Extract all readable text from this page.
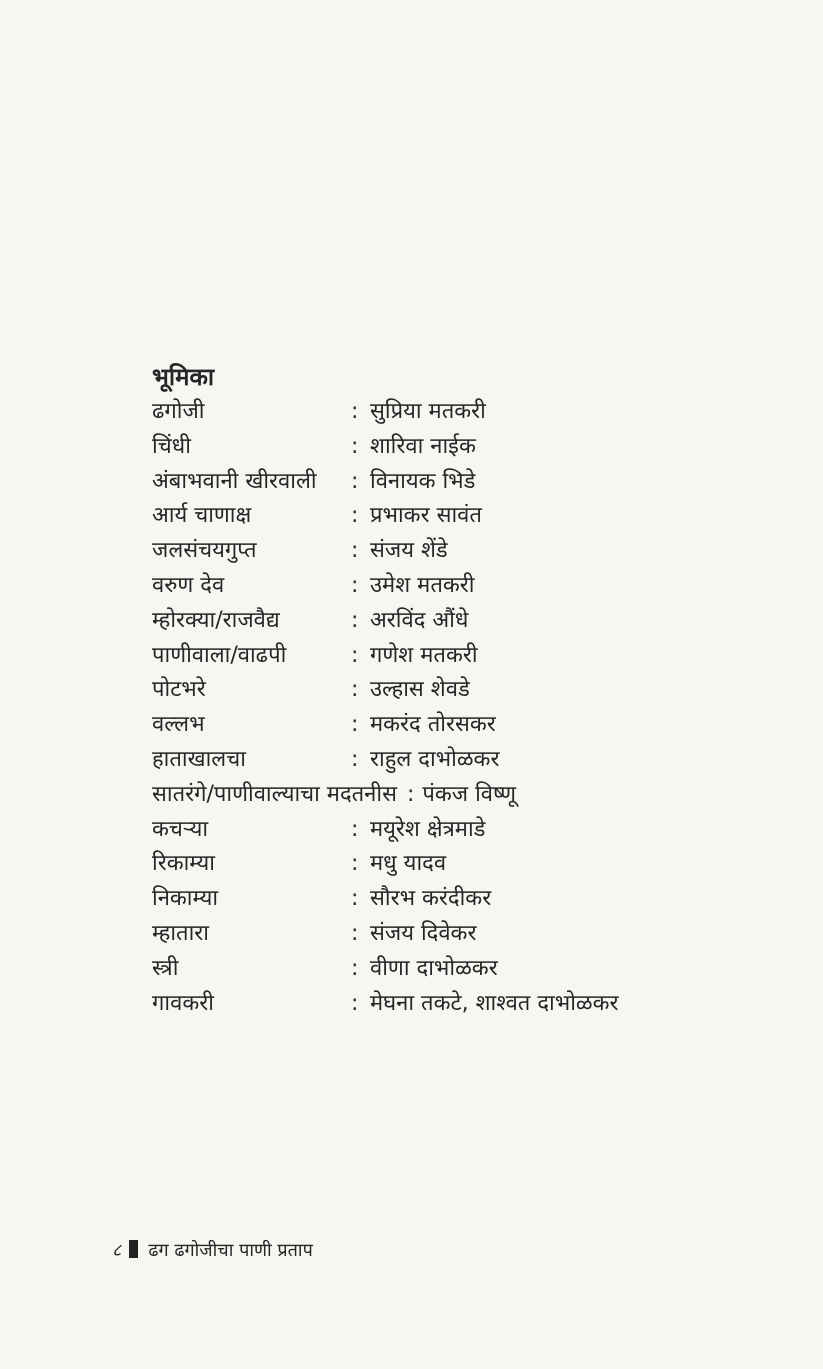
भूमिका
ढगोजी	: सुप्रिया मतकरी
चिंधी	: शारिवा नाईक
अंबाभवानी खीरवाली : विनायक भिडे
आर्य चाणाक्ष	: प्रभाकर सावंत
जलसंचयगुप्त	: संजय शेंडे
वरुण देव	: उमेश मतकरी
म्होरक्या/राजवैद्य	: अरविंद औंधे
पाणीवाला/वाढपी	: गणेश मतकरी
पोटभरे	: उल्हास शेवडे
वल्लभ	: मकरंद तोरसकर
हाताखालचा	: राहुल दाभोळकर
सातरंगे/पाणीवाल्याचा मदतनीस : पंकज विष्णू
कचऱ्या	: मयूरेश क्षेत्रमाडे
रिकाम्या	: मधु यादव
निकाम्या	: सौरभ करंदीकर
म्हातारा	: संजय दिवेकर
स्त्री	: वीणा दाभोळकर
गावकरी	: मेघना तकटे, शाश्वत दाभोळकर
८ ढग ढगोजीचा पाणी प्रताप
